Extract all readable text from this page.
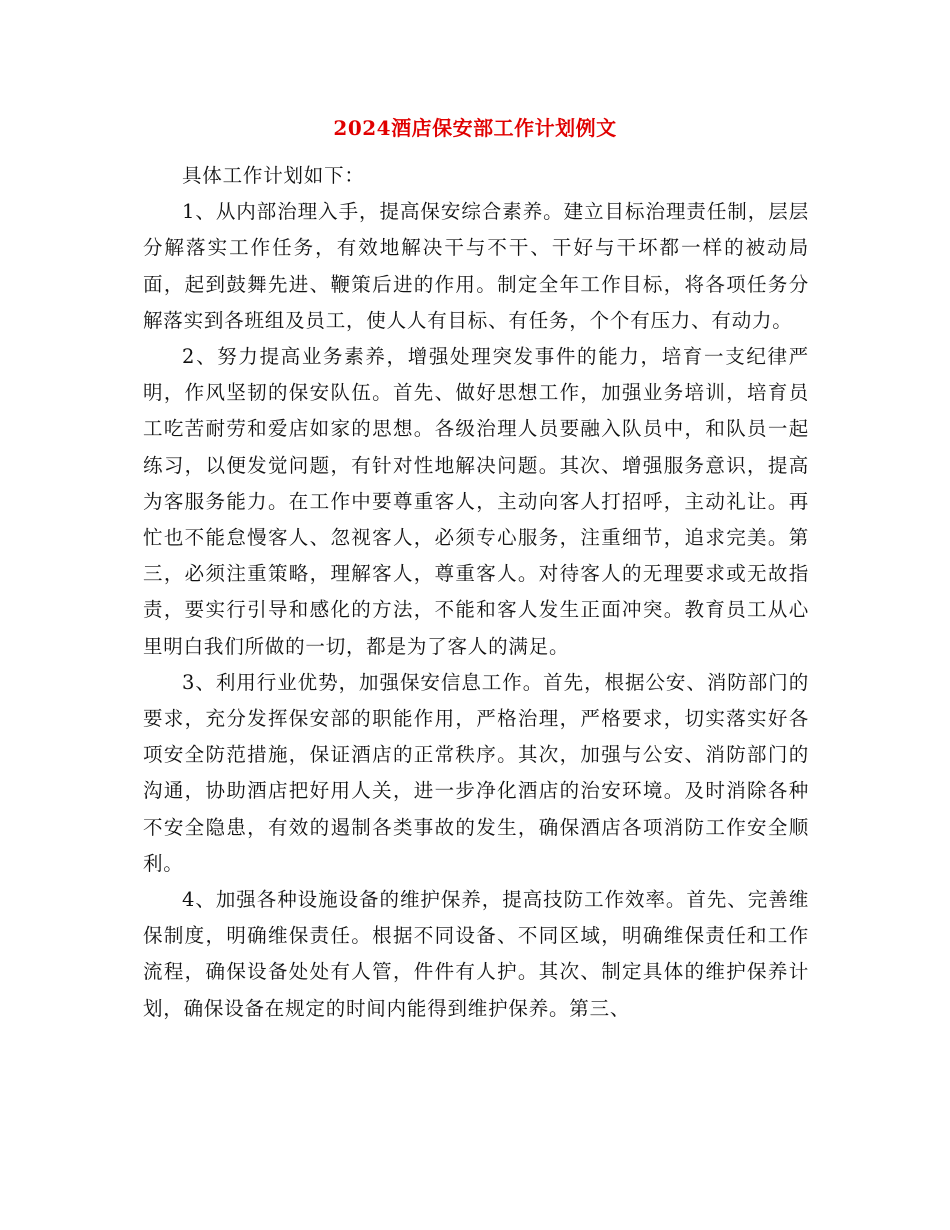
2024酒店保安部工作计划例文

具体工作计划如下：

1、从内部治理入手，提高保安综合素养。建立目标治理责任制，层层分解落实工作任务，有效地解决干与不干、干好与干坏都一样的被动局面，起到鼓舞先进、鞭策后进的作用。制定全年工作目标，将各项任务分解落实到各班组及员工，使人人有目标、有任务，个个有压力、有动力。

2、努力提高业务素养，增强处理突发事件的能力，培育一支纪律严明，作风坚韧的保安队伍。首先、做好思想工作，加强业务培训，培育员工吃苦耐劳和爱店如家的思想。各级治理人员要融入队员中，和队员一起练习，以便发觉问题，有针对性地解决问题。其次、增强服务意识，提高为客服务能力。在工作中要尊重客人，主动向客人打招呼，主动礼让。再忙也不能怠慢客人、忽视客人，必须专心服务，注重细节，追求完美。第三，必须注重策略，理解客人，尊重客人。对待客人的无理要求或无故指责，要实行引导和感化的方法，不能和客人发生正面冲突。教育员工从心里明白我们所做的一切，都是为了客人的满足。

3、利用行业优势，加强保安信息工作。首先，根据公安、消防部门的要求，充分发挥保安部的职能作用，严格治理，严格要求，切实落实好各项安全防范措施，保证酒店的正常秩序。其次，加强与公安、消防部门的沟通，协助酒店把好用人关，进一步净化酒店的治安环境。及时消除各种不安全隐患，有效的遏制各类事故的发生，确保酒店各项消防工作安全顺利。

4、加强各种设施设备的维护保养，提高技防工作效率。首先、完善维保制度，明确维保责任。根据不同设备、不同区域，明确维保责任和工作流程，确保设备处处有人管，件件有人护。其次、制定具体的维护保养计划，确保设备在规定的时间内能得到维护保养。第三、
